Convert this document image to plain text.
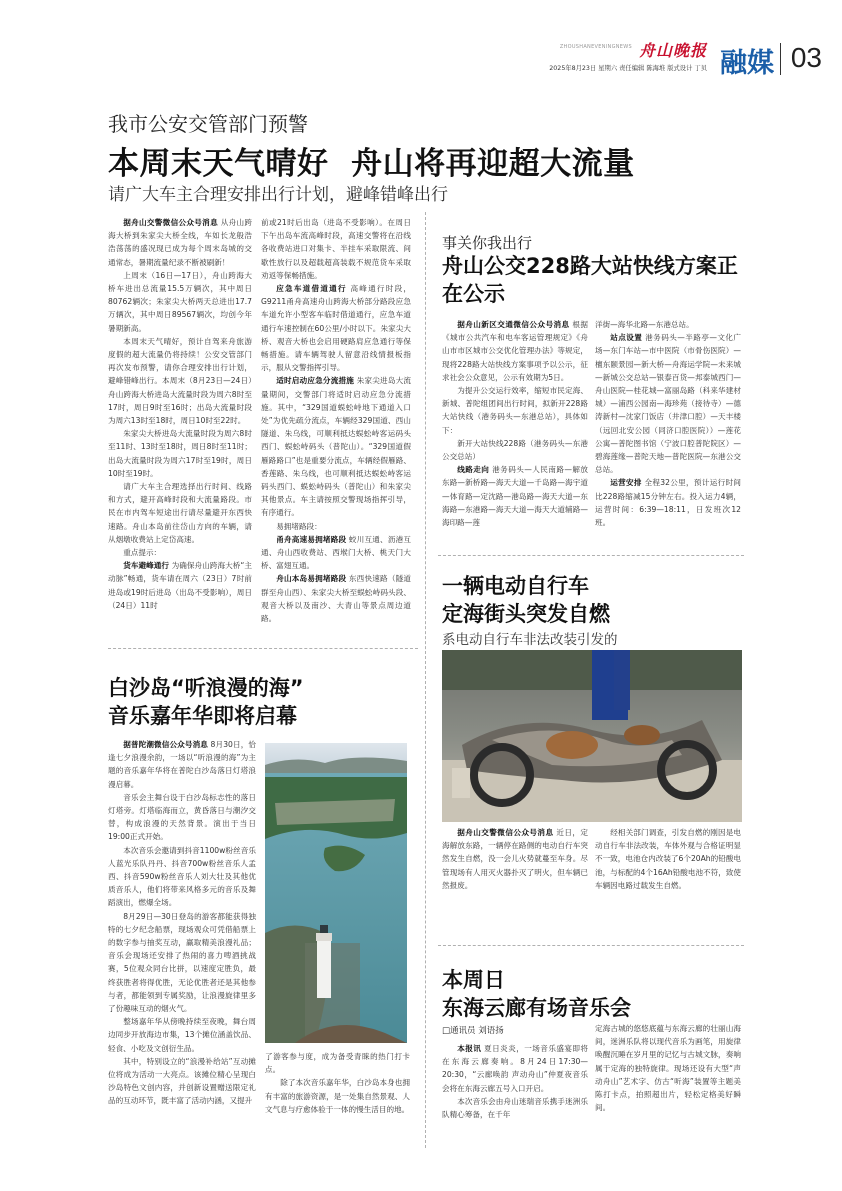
舟山晚报
ZHOUSHANEVENINGNEWS
2025年8月23日 星期六 责任编辑 陈海堆 版式设计 丁贝 融媒 03
我市公安交管部门预警
本周末天气晴好  舟山将再迎超大流量
请广大车主合理安排出行计划，避峰错峰出行

据舟山交警微信公众号消息 从舟山跨海大桥到朱家尖大桥全线，车如长龙般浩浩荡荡的盛况现已成为每个周末岛城的交通常态，暑期流量纪录不断被刷新！

上周末（16日—17日），舟山跨海大桥车进出总流量15.5万辆次，其中周日80762辆次；朱家尖大桥两天总进出17.7万辆次，其中周日89567辆次，均创今年暑期新高。

本周末天气晴好，预计自驾来舟旅游度假的超大流量仍将持续！公安交管部门再次发布预警，请你合理安排出行计划，避峰错峰出行。本周末（8月23日—24日）舟山跨海大桥进岛大流量时段为周六8时至17时，周日9时至16时；出岛大流量时段为周六13时至18时，周日10时至22时。

朱家尖大桥进岛大流量时段为周六8时至11时、13时至18时，周日8时至11时；出岛大流量时段为周六17时至19时，周日10时至19时。

请广大车主合理选择出行时间、线路和方式，避开高峰时段和大流量路段。市民在市内驾车短途出行请尽量避开东西快速路。舟山本岛前往岱山方向的车辆，请从烟墩收费站上定岱高速。

重点提示：

货车避峰通行 为确保舟山跨海大桥“主动脉”畅通，货车请在周六（23日）7时前进岛或19时后进岛（出岛不受影响），周日（24日）11时

前或21时后出岛（进岛不受影响）。在周日下午出岛车流高峰时段，高速交警将在沿线各收费站进口对集卡、半挂车采取限流、间歇性放行以及超载超高装载不规范货车采取劝返等保畅措施。

应急车道借道通行 高峰通行时段，G9211甬舟高速舟山跨海大桥部分路段应急车道允许小型客车临时借道通行，应急车道通行车速控制在60公里/小时以下。朱家尖大桥、观音大桥也会启用硬路肩应急通行等保畅措施。请车辆驾驶人留意沿线情报板指示，服从交警指挥引导。

适时启动应急分流措施 朱家尖进岛大流量期间，交警部门将适时启动应急分流措施。其中，“329国道蜈蚣峙地下通道入口处”为优先疏分流点，车辆经329国道、西山隧道、朱乌线，可顺利抵达蜈蚣峙客运码头西门、蜈蚣峙码头（普陀山）。“329国道假雁路路口”也是重要分流点，车辆经假雁路、香莲路、朱乌线，也可顺利抵达蜈蚣峙客运码头西门、蜈蚣峙码头（普陀山）和朱家尖其他景点。车主请按照交警现场指挥引导，有序通行。

易拥堵路段：

甬舟高速易拥堵路段 蛟川互通、沥港互通、舟山西收费站、西堠门大桥、桃天门大桥、富翅互通。

舟山本岛易拥堵路段 东西快速路（隧道群至舟山西）、朱家尖大桥至蜈蚣峙码头段、观音大桥以及南沙、大青山等景点周边道路。

事关你我出行
舟山公交228路大站快线方案正在公示

据舟山新区交通微信公众号消息 根据《城市公共汽车和电车客运管理规定》《舟山市市区城市公交优化管理办法》等规定，现将228路大站快线方案事项予以公示，征求社会公众意见，公示有效期为5日。

为提升公交运行效率，缩短市民定海、新城、普陀组团间出行时间，拟新开228路大站快线（港务码头—东港总站），具体如下：

新开大站快线228路（港务码头—东港公交总站）

线路走向 港务码头—人民南路—解放东路—新桥路—海天大道—千岛路—海宇道—体育路—定沈路—港岛路—海天大道—东海路—东港路—海天大道—海天大道辅路—海印路—莲

洋街—海华北路—东港总站。

站点设置 港务码头—半路亭—文化广场—东门车站—市中医院（市骨伤医院）—檀东颐景园—新大桥—舟海运学院—未来城—新城公交总站—银泰百货—邦泰城西门—舟山医院—桂花城—富丽岛路（科来华建材城）—浦西公园南—海珍苑（接待寺）—德涛新村—沈家门饭店（井津口腔）—天丰楼（远回北安公园（同济口腔医院））—莲花公寓—普陀图书馆（宁波口腔普陀院区）—碧海莲缘—普陀天地—普陀医院—东港公交总站。

运营安排 全程32公里，预计运行时间比228路缩减15分钟左右。投入运力4辆，运营时间：6:39—18:11，日发班次12班。

一辆电动自行车
定海街头突发自燃
系电动自行车非法改装引发的

据舟山交警微信公众号消息 近日，定海解放东路，一辆停在路侧的电动自行车突然发生自燃，没一会儿火势就蔓至车身。尽管现场有人用灭火器扑灭了明火，但车辆已然报废。

经相关部门调查，引发自燃的刚因是电动自行车非法改装，车体外观与合格证明显不一致，电池仓内改装了6个20Ah的铅酸电池，与标配的4个16Ah铅酸电池不符，致使车辆因电路过载发生自燃。

白沙岛“听浪漫的海”
音乐嘉年华即将启幕

据普陀潮微信公众号消息 8月30日，恰逢七夕浪漫余韵，一场以“听浪漫的海”为主题的音乐嘉年华将在普陀白沙岛落日灯塔浪漫启幕。

音乐会主舞台设于白沙岛标志性的落日灯塔旁。灯塔临海而立，黄昏落日与潮汐交替，构成浪漫的天然背景。演出于当日19:00正式开始。

本次音乐会邀请到抖音1100w粉丝音乐人蓝光乐队丹丹、抖音700w粉丝音乐人孟西、抖音590w粉丝音乐人刘大壮及其他优质音乐人，他们将带来风格多元的音乐及舞蹈演出，燃爆全场。

8月29日—30日登岛的游客都能获得独特的七夕纪念船票，现场观众可凭借船票上的数字参与抽奖互动，赢取精美浪漫礼品；音乐会现场还安排了热闹的喜力啤酒挑战赛，5位观众同台比拼，以速度定胜负，最终获胜者将得优胜，无论优胜者还是其他参与者，都能领到专属奖励，让浪漫旋律里多了份趣味互动的烟火气。

整场嘉年华从傍晚持续至夜晚，舞台周边同步开放海边市集，13个摊位涵盖饮品、轻食、小吃及文创衍生品。

其中，特别设立的“浪漫补给站”互动摊位将成为活动一大亮点。该摊位精心呈现白沙岛特色文创内容，并创新设置赠送限定礼品的互动环节，既丰富了活动内涵，又提升

了游客参与度，成为备受青睐的热门打卡点。

除了本次音乐嘉年华，白沙岛本身也拥有丰富的旅游资源，是一处集自然景观、人文气息与疗愈体验于一体的慢生活目的地。

本周日
东海云廊有场音乐会
□通讯员 刘语扬

本报讯 夏日炎炎，一场音乐盛宴即将在东海云廊奏响。8月24日17:30—20:30，“云廊唤韵 声动舟山”仲夏夜音乐会将在东海云廊五号入口开启。

本次音乐会由舟山迷瑞音乐携手迷洲乐队精心筹备，在千年

定海古城的悠悠底蕴与东海云廊的壮丽山海间，迷洲乐队将以现代音乐为画笔，用旋律唤醒沉睡在岁月里的记忆与古城文脉，奏响属于定海的独特旋律。现场还设有大型“声动舟山”艺术字、仿古“听海”装置等主题美陈打卡点，拍照超出片，轻松定格美好瞬间。
